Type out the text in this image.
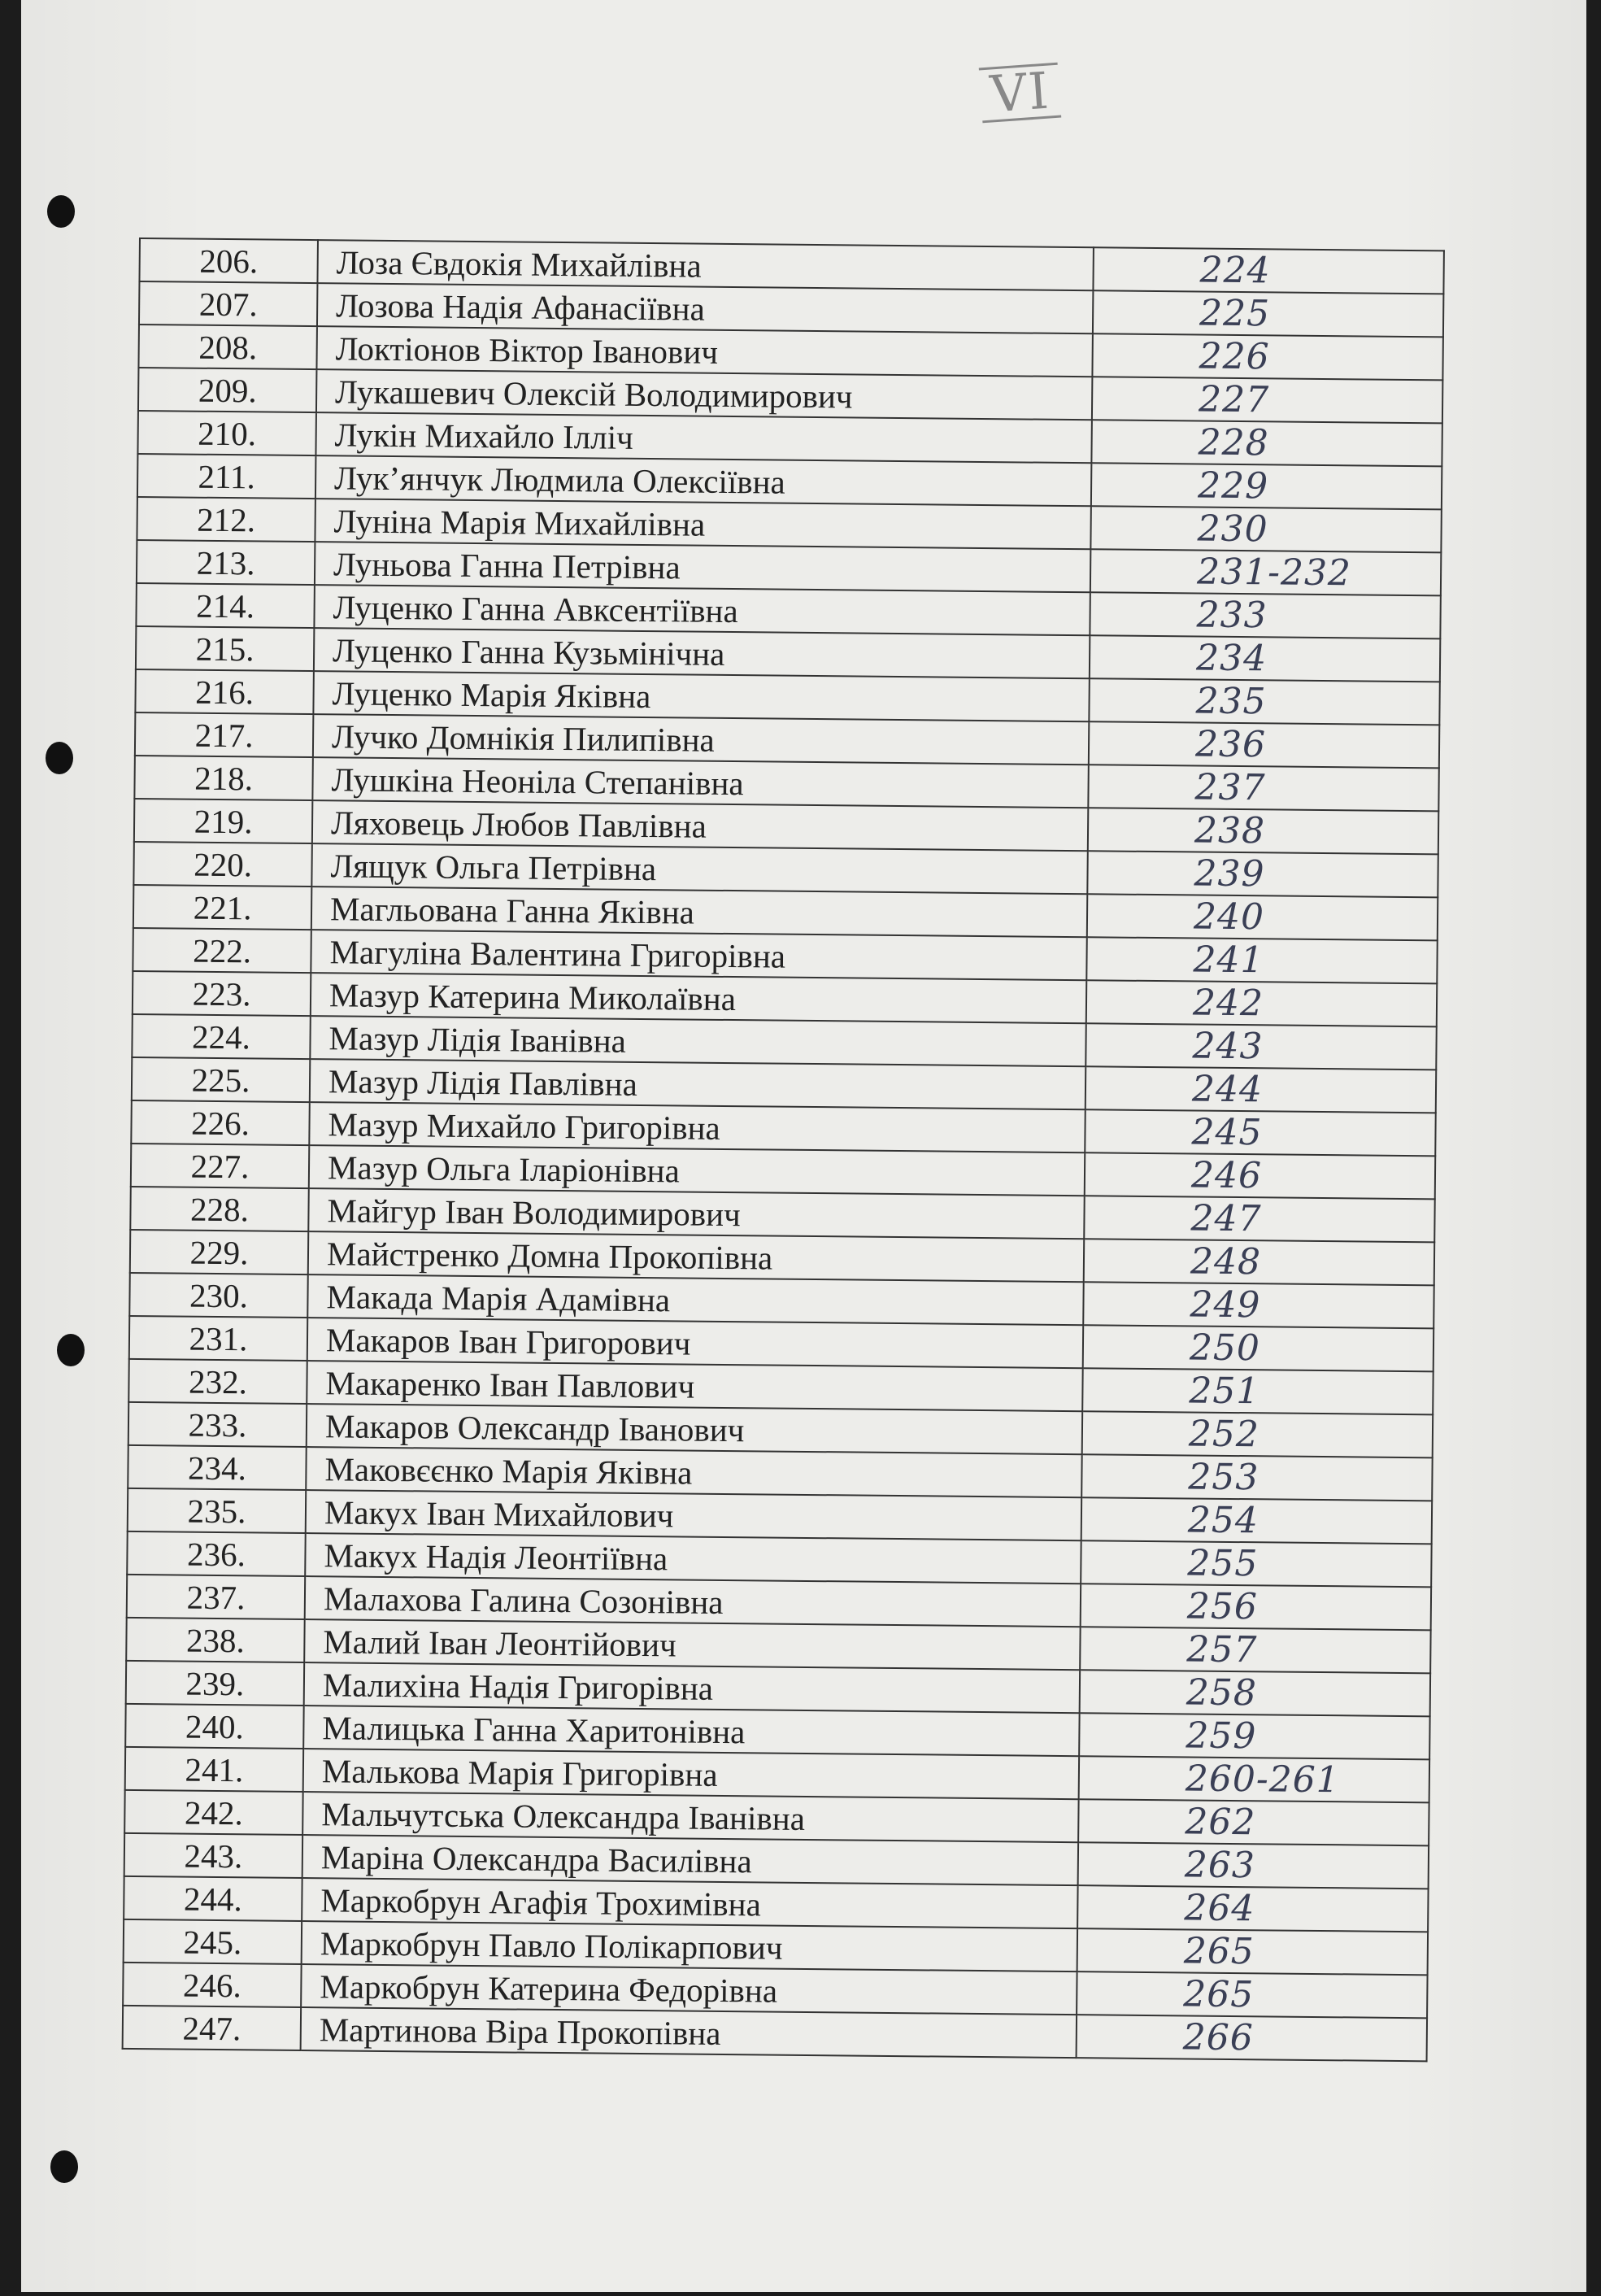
VI
206.	Лоза Євдокія Михайлівна	224
207.	Лозова Надія Афанасіївна	225
208.	Локтіонов Віктор Іванович	226
209.	Лукашевич Олексій Володимирович	227
210.	Лукін Михайло Ілліч	228
211.	Лук’янчук Людмила Олексіївна	229
212.	Лунiна Марія Михайлівна	230
213.	Луньова Ганна Петрівна	231-232
214.	Луценко Ганна Авксентіївна	233
215.	Луценко Ганна Кузьмінічна	234
216.	Луценко Марія Яківна	235
217.	Лучко Домнікія Пилипівна	236
218.	Лушкіна Неоніла Степанівна	237
219.	Ляховець Любов Павлівна	238
220.	Лящук Ольга Петрівна	239
221.	Магльована Ганна Яківна	240
222.	Магуліна Валентина Григорівна	241
223.	Мазур Катерина Миколаївна	242
224.	Мазур Лідія Іванівна	243
225.	Мазур Лідія Павлівна	244
226.	Мазур Михайло Григорівна	245
227.	Мазур Ольга Іларіонівна	246
228.	Майгур Іван Володимирович	247
229.	Майстренко Домна Прокопівна	248
230.	Макада Марія Адамівна	249
231.	Макаров Іван Григорович	250
232.	Макаренко Іван Павлович	251
233.	Макаров Олександр Іванович	252
234.	Маковєєнко Марія Яківна	253
235.	Макух Іван Михайлович	254
236.	Макух Надія Леонтіївна	255
237.	Малахова Галина Созонівна	256
238.	Малий Іван Леонтійович	257
239.	Малихіна Надія Григорівна	258
240.	Малицька Ганна Харитонівна	259
241.	Малькова Марія Григорівна	260-261
242.	Мальчутська Олександра Іванівна	262
243.	Маріна Олександра Василівна	263
244.	Маркобрун Агафія Трохимівна	264
245.	Маркобрун Павло Полікарпович	265
246.	Маркобрун Катерина Федорівна	265
247.	Мартинова Віра Прокопівна	266
